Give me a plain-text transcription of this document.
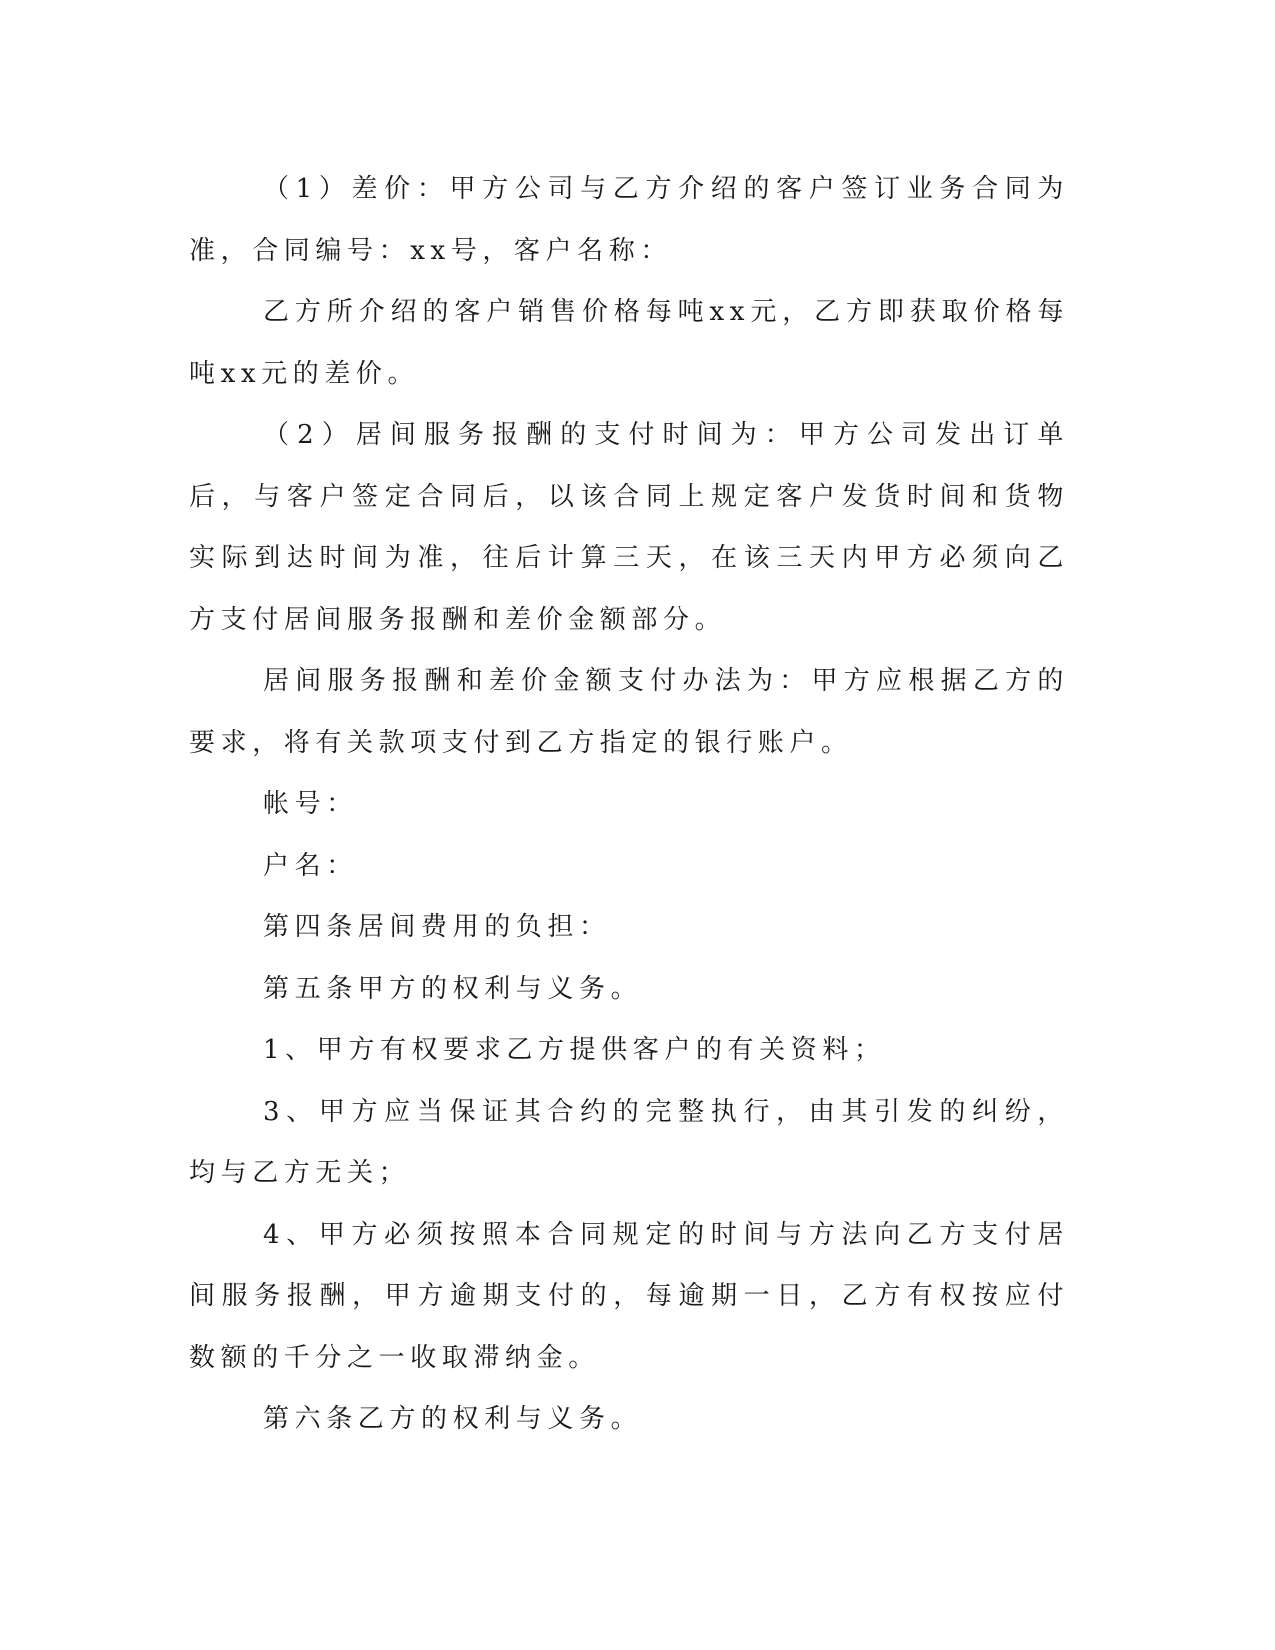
（1）差价：甲方公司与乙方介绍的客户签订业务合同为准，合同编号：xx号，客户名称：

乙方所介绍的客户销售价格每吨xx元，乙方即获取价格每吨xx元的差价。

（2）居间服务报酬的支付时间为：甲方公司发出订单后，与客户签定合同后，以该合同上规定客户发货时间和货物实际到达时间为准，往后计算三天，在该三天内甲方必须向乙方支付居间服务报酬和差价金额部分。

居间服务报酬和差价金额支付办法为：甲方应根据乙方的要求，将有关款项支付到乙方指定的银行账户。

帐号：

户名：

第四条居间费用的负担：

第五条甲方的权利与义务。

1、甲方有权要求乙方提供客户的有关资料；

3、甲方应当保证其合约的完整执行，由其引发的纠纷，均与乙方无关；

4、甲方必须按照本合同规定的时间与方法向乙方支付居间服务报酬，甲方逾期支付的，每逾期一日，乙方有权按应付数额的千分之一收取滞纳金。

第六条乙方的权利与义务。
